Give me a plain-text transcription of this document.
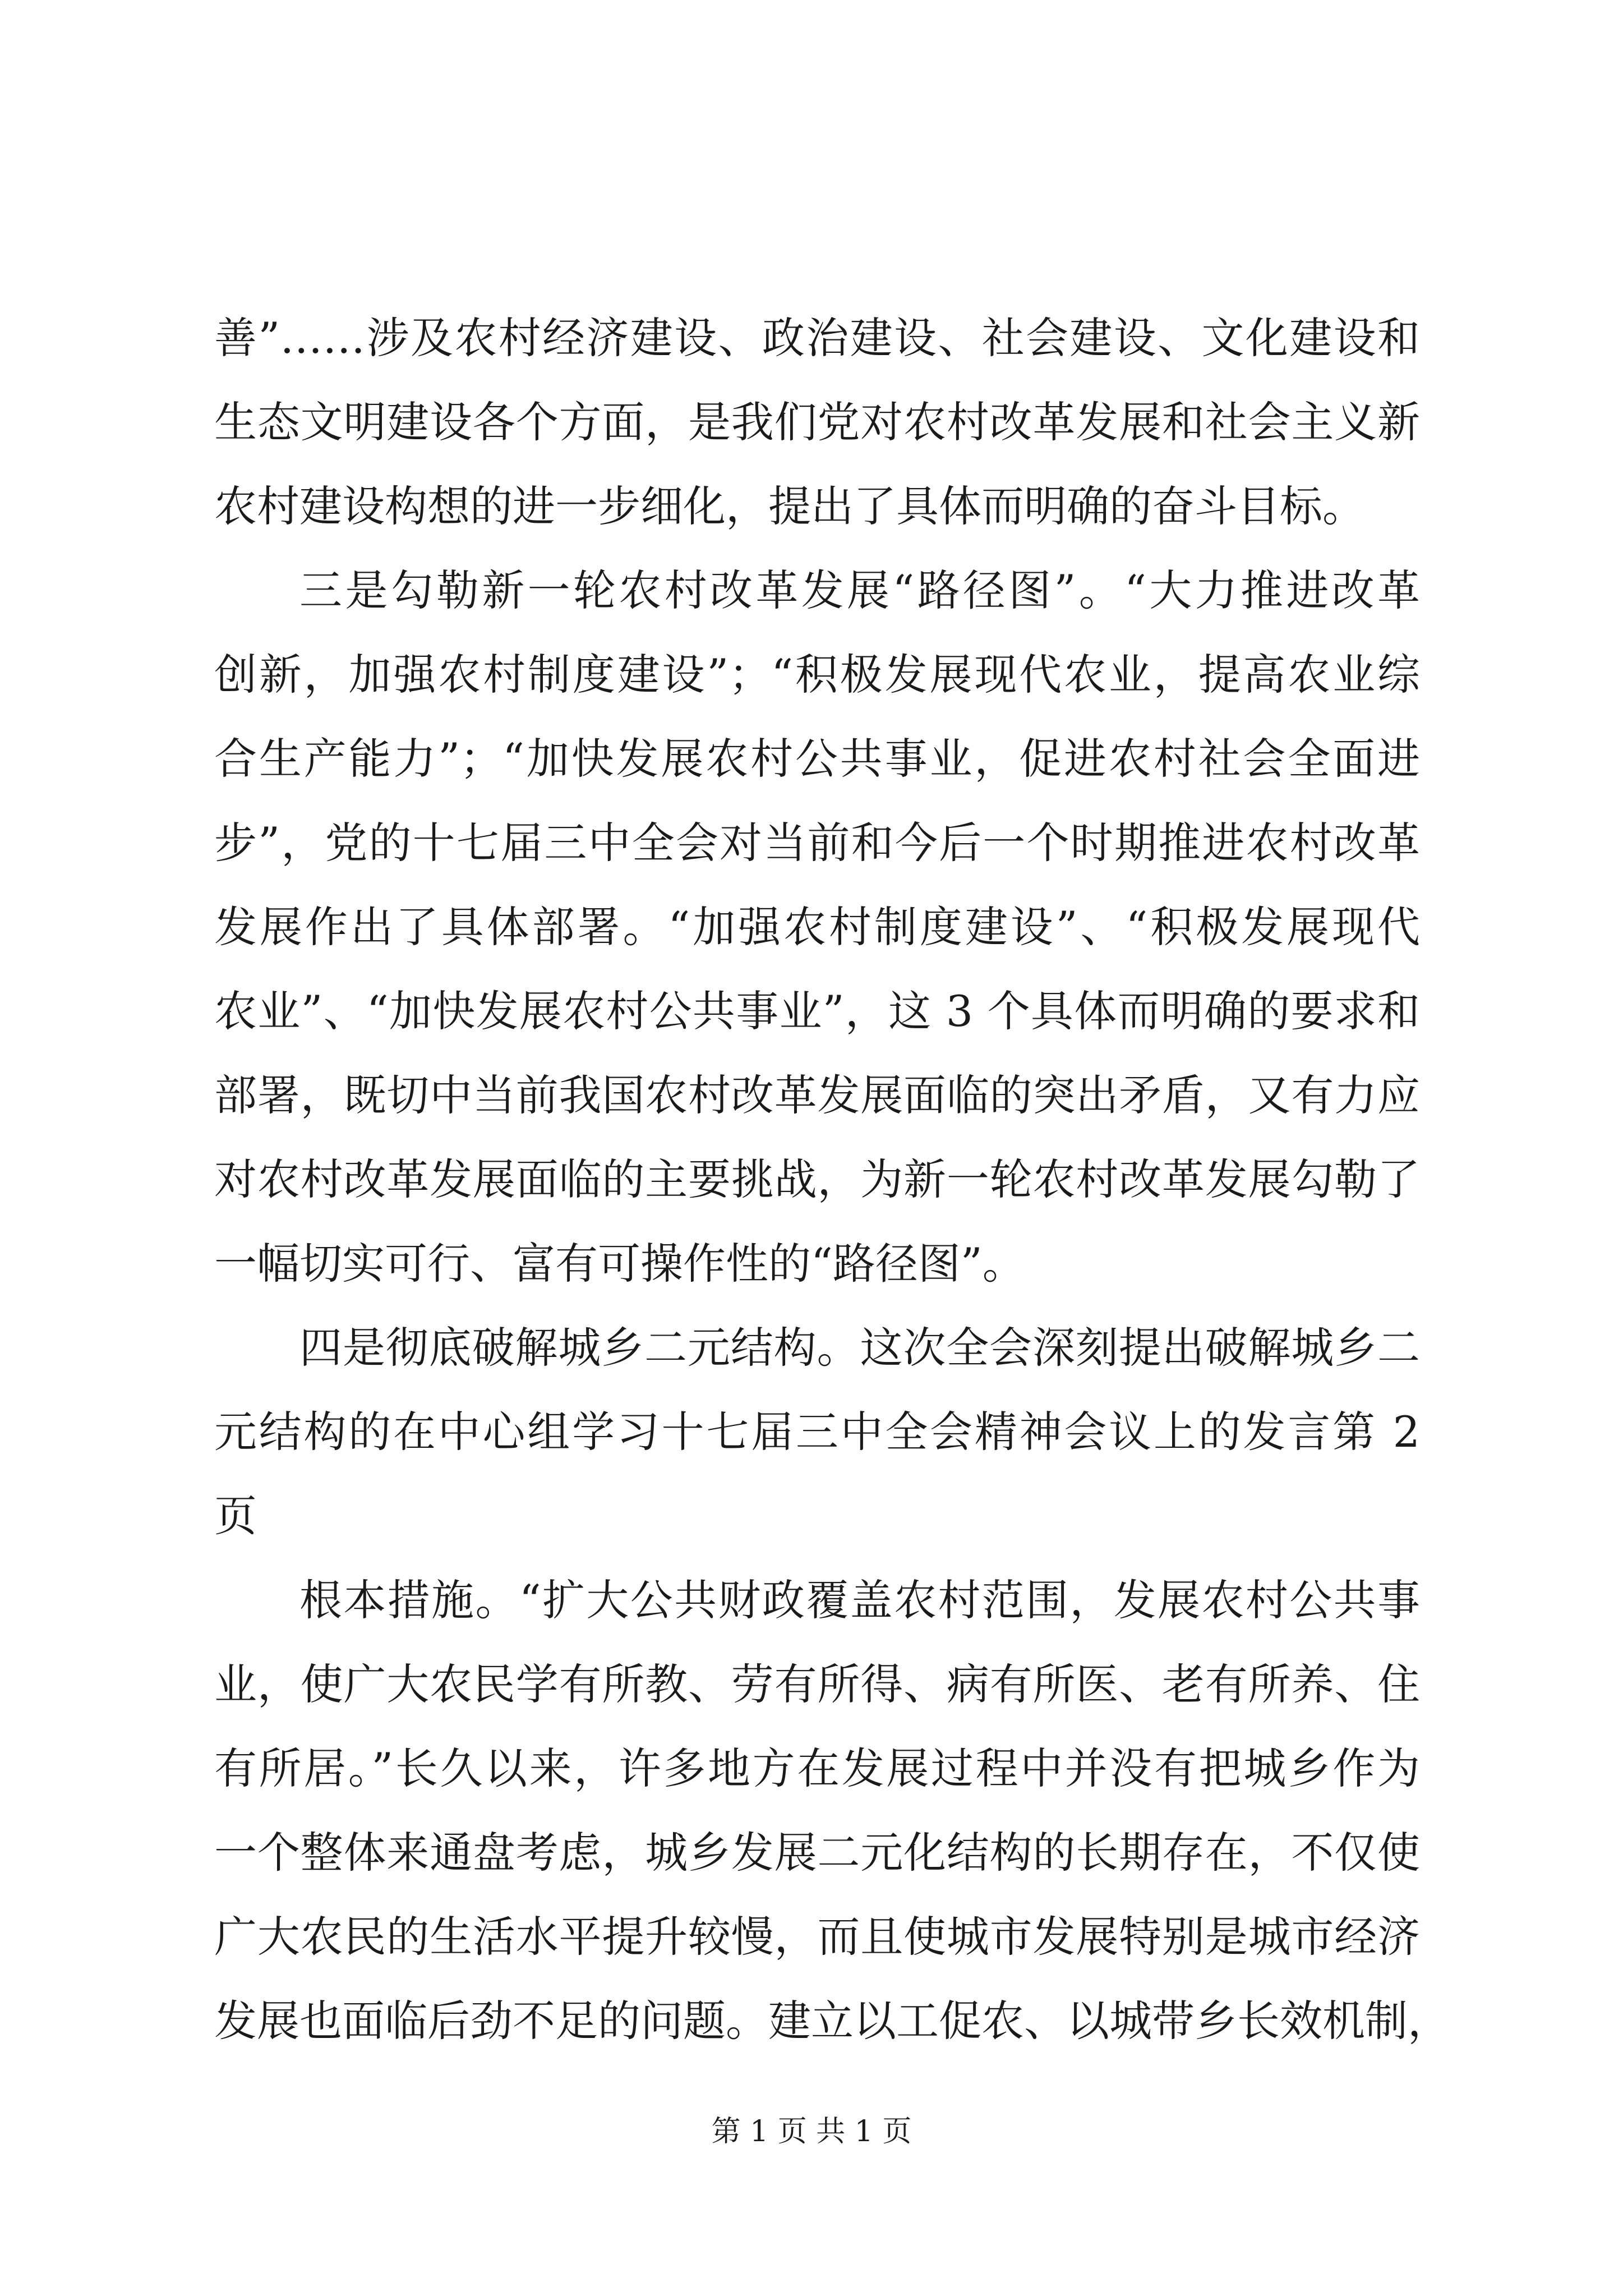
善”……涉及农村经济建设、政治建设、社会建设、文化建设和
生态文明建设各个方面，是我们党对农村改革发展和社会主义新
农村建设构想的进一步细化，提出了具体而明确的奋斗目标。
三是勾勒新一轮农村改革发展“路径图”。“大力推进改革
创新，加强农村制度建设”；“积极发展现代农业，提高农业综
合生产能力”；“加快发展农村公共事业，促进农村社会全面进
步”，党的十七届三中全会对当前和今后一个时期推进农村改革
发展作出了具体部署。“加强农村制度建设”、“积极发展现代
农业”、“加快发展农村公共事业”，这 3 个具体而明确的要求和
部署，既切中当前我国农村改革发展面临的突出矛盾，又有力应
对农村改革发展面临的主要挑战，为新一轮农村改革发展勾勒了
一幅切实可行、富有可操作性的“路径图”。
四是彻底破解城乡二元结构。这次全会深刻提出破解城乡二
元结构的在中心组学习十七届三中全会精神会议上的发言第 2
页
根本措施。“扩大公共财政覆盖农村范围，发展农村公共事
业，使广大农民学有所教、劳有所得、病有所医、老有所养、住
有所居。”长久以来，许多地方在发展过程中并没有把城乡作为
一个整体来通盘考虑，城乡发展二元化结构的长期存在，不仅使
广大农民的生活水平提升较慢，而且使城市发展特别是城市经济
发展也面临后劲不足的问题。建立以工促农、以城带乡长效机制，
第 1 页 共 1 页
